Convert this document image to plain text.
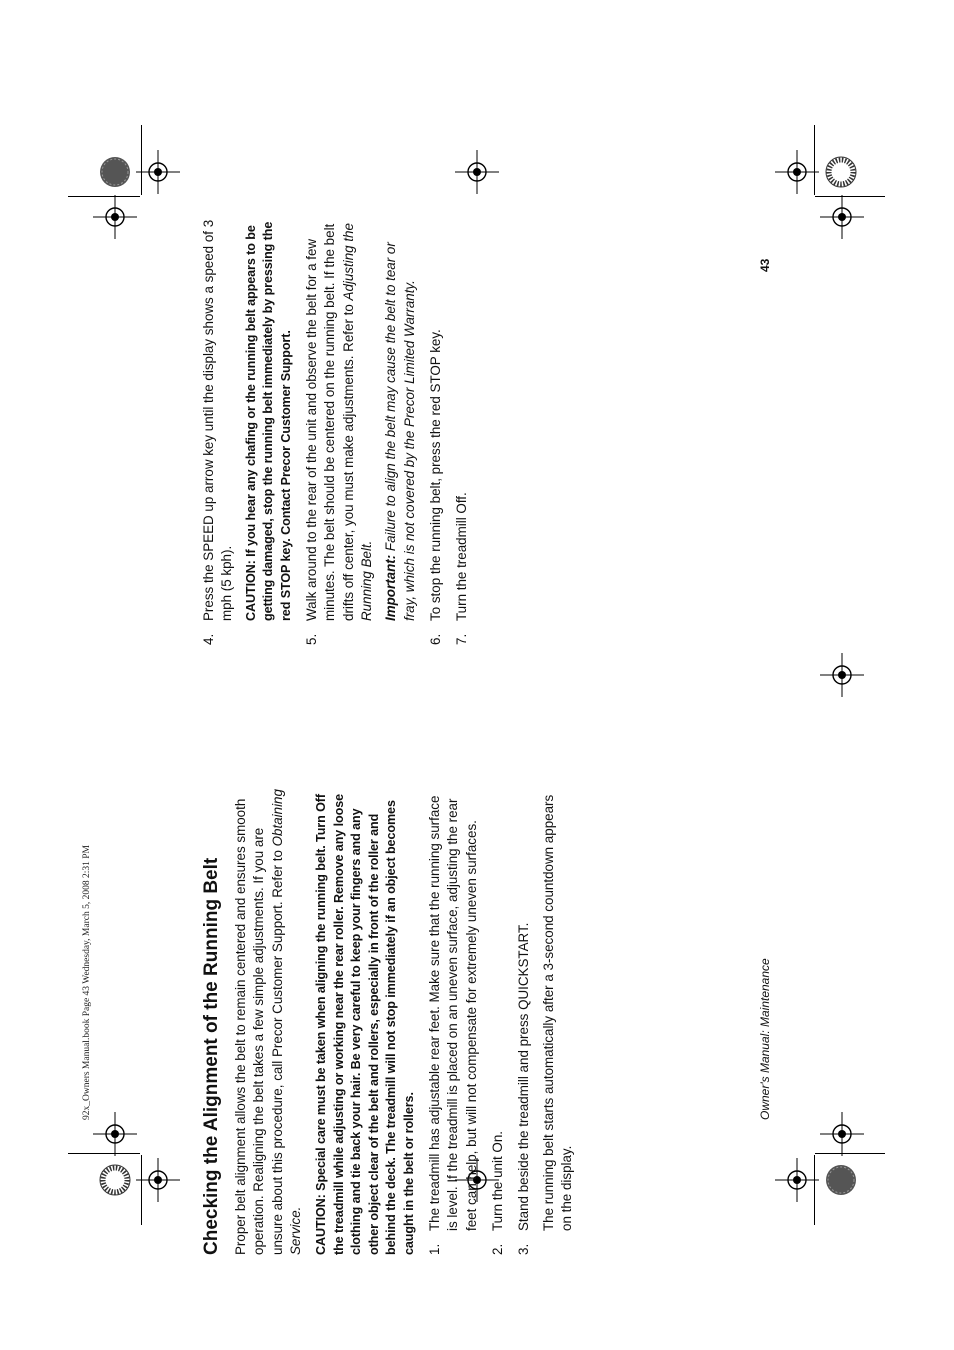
92x_Owners Manual.book Page 43 Wednesday, March 5, 2008 2:31 PM	Owner's Manual: Maintenance
43
Checking the Alignment of the Running Belt Proper belt alignment allows the belt to remain centered and ensures smooth operation. Realigning the belt takes a few simple adjustments. If you are unsure about this procedure, call Precor Customer Support. Refer to Obtaining Service. CAUTION: Special care must be taken when aligning the running belt. Turn Off the treadmill while adjusting or working near the rear roller. Remove any loose clothing and tie back your hair. Be very careful to keep your fingers and any other object clear of the belt and rollers, especially in front of the roller and behind the deck. The treadmill will not stop immediately if an object becomes caught in the belt or rollers. 1.

The treadmill has adjustable rear feet. Make sure that the running surface is level. If the treadmill is placed on an uneven surface, adjusting the rear feet can help, but will not compensate for extremely uneven surfaces.

2.

Turn the unit On.

3.

Stand beside the treadmill and press QUICKSTART. The running belt starts automatically after a 3-second countdown appears on the display.

4.

Press the SPEED up arrow key until the display shows a speed of 3 mph (5 kph). CAUTION: If you hear any chafing or the running belt appears to be getting damaged, stop the running belt immediately by pressing the red STOP key. Contact Precor Customer Support.

5.

Walk around to the rear of the unit and observe the belt for a few minutes. The belt should be centered on the running belt. If the belt drifts off center, you must make adjustments. Refer to Adjusting the Running Belt. Important: Failure to align the belt may cause the belt to tear or fray, which is not covered by the Precor Limited Warranty.

6.

To stop the running belt, press the red STOP key.

7.

Turn the treadmill Off.
